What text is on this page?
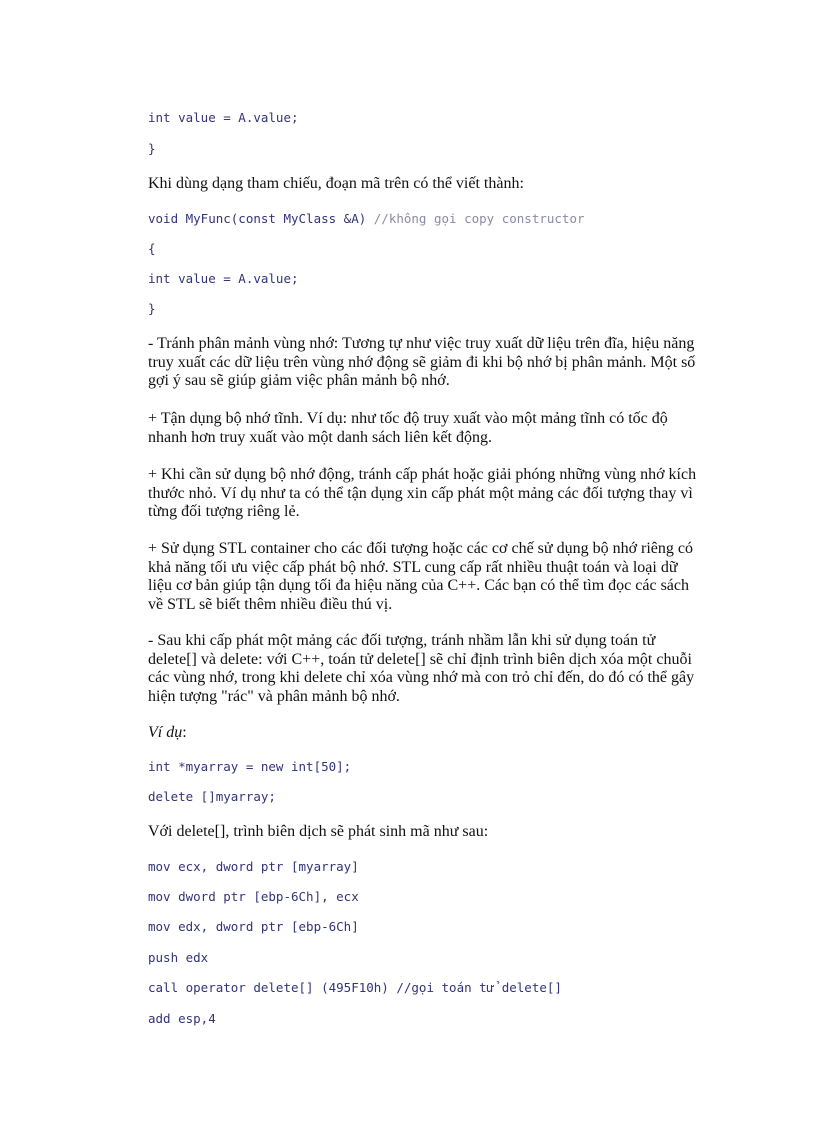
int value = A.value;
}

Khi dùng dạng tham chiếu, đoạn mã trên có thể viết thành:

void MyFunc(const MyClass &A) //không gọi copy constructor
{
int value = A.value;
}

- Tránh phân mảnh vùng nhớ: Tương tự như việc truy xuất dữ liệu trên đĩa, hiệu năng
truy xuất các dữ liệu trên vùng nhớ động sẽ giảm đi khi bộ nhớ bị phân mảnh. Một số
gợi ý sau sẽ giúp giảm việc phân mảnh bộ nhớ.

+ Tận dụng bộ nhớ tĩnh. Ví dụ: như tốc độ truy xuất vào một mảng tĩnh có tốc độ
nhanh hơn truy xuất vào một danh sách liên kết động.

+ Khi cần sử dụng bộ nhớ động, tránh cấp phát hoặc giải phóng những vùng nhớ kích
thước nhỏ. Ví dụ như ta có thể tận dụng xin cấp phát một mảng các đối tượng thay vì
từng đối tượng riêng lẻ.

+ Sử dụng STL container cho các đối tượng hoặc các cơ chế sử dụng bộ nhớ riêng có
khả năng tối ưu việc cấp phát bộ nhớ. STL cung cấp rất nhiều thuật toán và loại dữ
liệu cơ bản giúp tận dụng tối đa hiệu năng của C++. Các bạn có thể tìm đọc các sách
về STL sẽ biết thêm nhiều điều thú vị.

- Sau khi cấp phát một mảng các đối tượng, tránh nhầm lẫn khi sử dụng toán tử
delete[] và delete: với C++, toán tử delete[] sẽ chỉ định trình biên dịch xóa một chuỗi
các vùng nhớ, trong khi delete chỉ xóa vùng nhớ mà con trỏ chỉ đến, do đó có thể gây
hiện tượng "rác" và phân mảnh bộ nhớ.

Ví dụ:

int *myarray = new int[50];
delete []myarray;

Với delete[], trình biên dịch sẽ phát sinh mã như sau:

mov ecx, dword ptr [myarray]
mov dword ptr [ebp-6Ch], ecx
mov edx, dword ptr [ebp-6Ch]
push edx
call operator delete[] (495F10h) //gọi toán tử delete[]
add esp,4
